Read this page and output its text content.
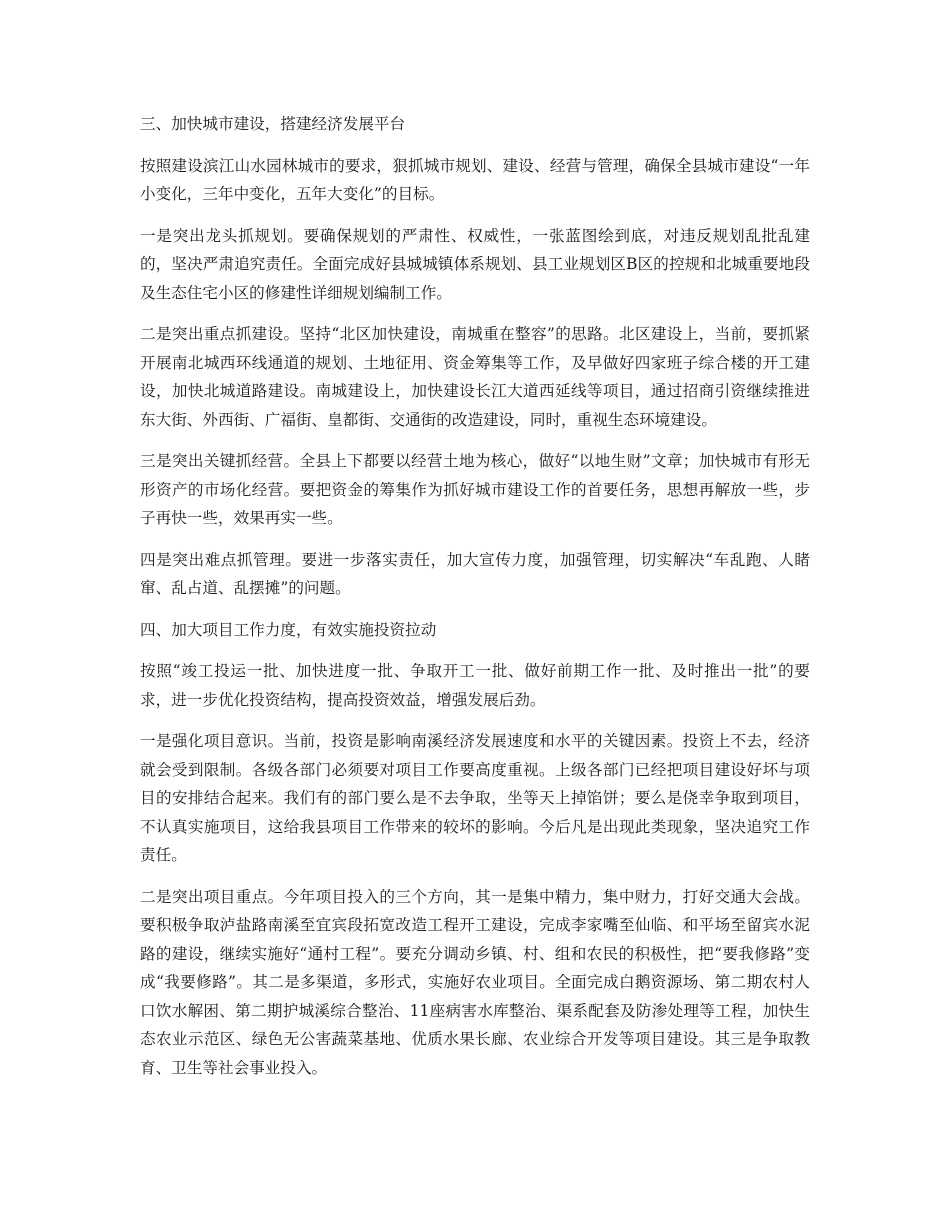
三、加快城市建设，搭建经济发展平台

按照建设滨江山水园林城市的要求，狠抓城市规划、建设、经营与管理，确保全县城市建设“一年小变化，三年中变化，五年大变化”的目标。

一是突出龙头抓规划。要确保规划的严肃性、权威性，一张蓝图绘到底，对违反规划乱批乱建的，坚决严肃追究责任。全面完成好县城城镇体系规划、县工业规划区B区的控规和北城重要地段及生态住宅小区的修建性详细规划编制工作。

二是突出重点抓建设。坚持“北区加快建设，南城重在整容”的思路。北区建设上，当前，要抓紧开展南北城西环线通道的规划、土地征用、资金筹集等工作，及早做好四家班子综合楼的开工建设，加快北城道路建设。南城建设上，加快建设长江大道西延线等项目，通过招商引资继续推进东大街、外西街、广福街、皇都街、交通街的改造建设，同时，重视生态环境建设。

三是突出关键抓经营。全县上下都要以经营土地为核心，做好“以地生财”文章；加快城市有形无形资产的市场化经营。要把资金的筹集作为抓好城市建设工作的首要任务，思想再解放一些，步子再快一些，效果再实一些。

四是突出难点抓管理。要进一步落实责任，加大宣传力度，加强管理，切实解决“车乱跑、人睹窜、乱占道、乱摆摊”的问题。

四、加大项目工作力度，有效实施投资拉动

按照“竣工投运一批、加快进度一批、争取开工一批、做好前期工作一批、及时推出一批”的要求，进一步优化投资结构，提高投资效益，增强发展后劲。

一是强化项目意识。当前，投资是影响南溪经济发展速度和水平的关键因素。投资上不去，经济就会受到限制。各级各部门必须要对项目工作要高度重视。上级各部门已经把项目建设好坏与项目的安排结合起来。我们有的部门要么是不去争取，坐等天上掉馅饼；要么是侥幸争取到项目，不认真实施项目，这给我县项目工作带来的较坏的影响。今后凡是出现此类现象，坚决追究工作责任。

二是突出项目重点。今年项目投入的三个方向，其一是集中精力，集中财力，打好交通大会战。要积极争取泸盐路南溪至宜宾段拓宽改造工程开工建设，完成李家嘴至仙临、和平场至留宾水泥路的建设，继续实施好“通村工程”。要充分调动乡镇、村、组和农民的积极性，把“要我修路”变成“我要修路”。其二是多渠道，多形式，实施好农业项目。全面完成白鹅资源场、第二期农村人口饮水解困、第二期护城溪综合整治、11座病害水库整治、渠系配套及防渗处理等工程，加快生态农业示范区、绿色无公害蔬菜基地、优质水果长廊、农业综合开发等项目建设。其三是争取教育、卫生等社会事业投入。
